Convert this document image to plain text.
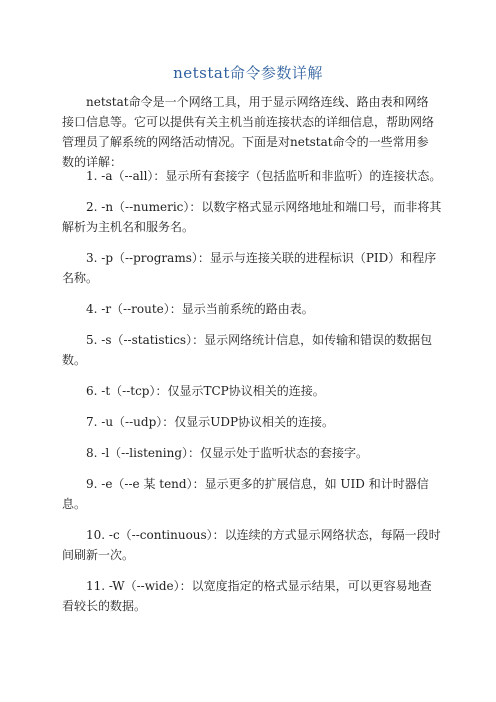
netstat命令参数详解

netstat命令是一个网络工具，用于显示网络连线、路由表和网络接口信息等。它可以提供有关主机当前连接状态的详细信息，帮助网络管理员了解系统的网络活动情况。下面是对netstat命令的一些常用参数的详解：

1. -a（--all）：显示所有套接字（包括监听和非监听）的连接状态。
2. -n（--numeric）：以数字格式显示网络地址和端口号，而非将其解析为主机名和服务名。
3. -p（--programs）：显示与连接关联的进程标识（PID）和程序名称。
4. -r（--route）：显示当前系统的路由表。
5. -s（--statistics）：显示网络统计信息，如传输和错误的数据包数。
6. -t（--tcp）：仅显示TCP协议相关的连接。
7. -u（--udp）：仅显示UDP协议相关的连接。
8. -l（--listening）：仅显示处于监听状态的套接字。
9. -e（--e 某 tend）：显示更多的扩展信息，如 UID 和计时器信息。
10. -c（--continuous）：以连续的方式显示网络状态，每隔一段时间刷新一次。
11. -W（--wide）：以宽度指定的格式显示结果，可以更容易地查看较长的数据。
